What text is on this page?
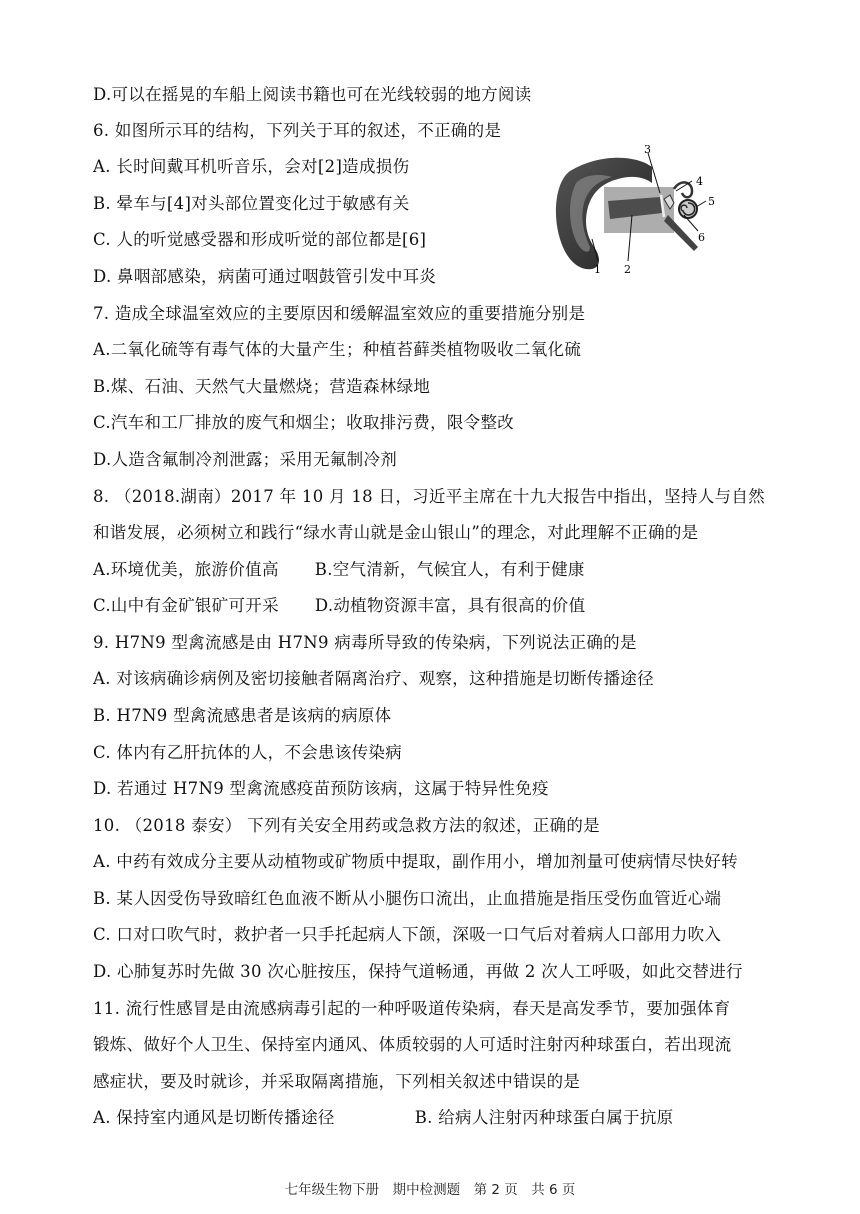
D.可以在摇晃的车船上阅读书籍也可在光线较弱的地方阅读
6. 如图所示耳的结构，下列关于耳的叙述，不正确的是
A. 长时间戴耳机听音乐，会对[2]造成损伤
B. 晕车与[4]对头部位置变化过于敏感有关
C. 人的听觉感受器和形成听觉的部位都是[6]
D. 鼻咽部感染，病菌可通过咽鼓管引发中耳炎
3
4
5
6
1 2
7. 造成全球温室效应的主要原因和缓解温室效应的重要措施分别是
A.二氧化硫等有毒气体的大量产生；种植苔藓类植物吸收二氧化硫
B.煤、石油、天然气大量燃烧；营造森林绿地
C.汽车和工厂排放的废气和烟尘；收取排污费，限令整改
D.人造含氟制冷剂泄露；采用无氟制冷剂
8. （2018.湖南）2017 年 10 月 18 日，习近平主席在十九大报告中指出，坚持人与自然
和谐发展，必须树立和践行“绿水青山就是金山银山”的理念，对此理解不正确的是
A.环境优美，旅游价值高 B.空气清新，气候宜人，有利于健康
C.山中有金矿银矿可开采 D.动植物资源丰富，具有很高的价值
9. H7N9 型禽流感是由 H7N9 病毒所导致的传染病，下列说法正确的是
A. 对该病确诊病例及密切接触者隔离治疗、观察，这种措施是切断传播途径
B. H7N9 型禽流感患者是该病的病原体
C. 体内有乙肝抗体的人，不会患该传染病
D. 若通过 H7N9 型禽流感疫苗预防该病，这属于特异性免疫
10. （2018 泰安） 下列有关安全用药或急救方法的叙述，正确的是
A. 中药有效成分主要从动植物或矿物质中提取，副作用小，增加剂量可使病情尽快好转
B. 某人因受伤导致暗红色血液不断从小腿伤口流出，止血措施是指压受伤血管近心端
C. 口对口吹气时，救护者一只手托起病人下颌，深吸一口气后对着病人口部用力吹入
D. 心肺复苏时先做 30 次心脏按压，保持气道畅通，再做 2 次人工呼吸，如此交替进行
11. 流行性感冒是由流感病毒引起的一种呼吸道传染病，春天是高发季节，要加强体育
锻炼、做好个人卫生、保持室内通风、体质较弱的人可适时注射丙种球蛋白，若出现流
感症状，要及时就诊，并采取隔离措施，下列相关叙述中错误的是
A. 保持室内通风是切断传播途径	B. 给病人注射丙种球蛋白属于抗原
七年级生物下册　期中检测题　第 2 页　共 6 页
